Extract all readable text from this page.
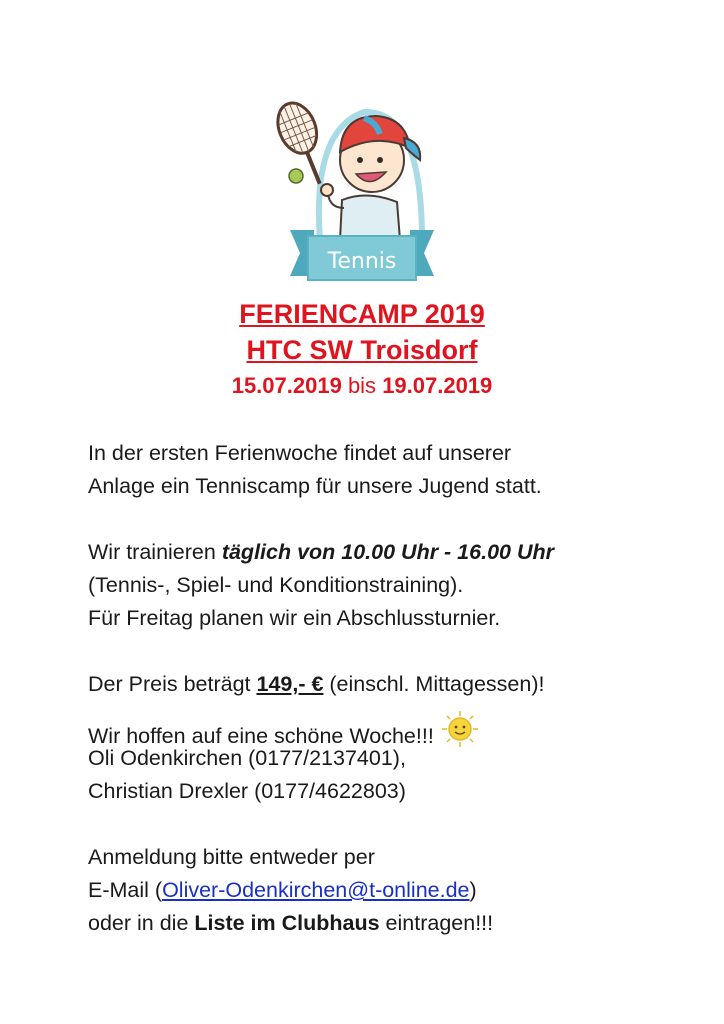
Tennis
FERIENCAMP 2019
HTC SW Troisdorf
15.07.2019 bis 19.07.2019
In der ersten Ferienwoche findet auf unserer
Anlage ein Tenniscamp für unsere Jugend statt.
Wir trainieren täglich von 10.00 Uhr - 16.00 Uhr
(Tennis-, Spiel- und Konditionstraining).
Für Freitag planen wir ein Abschlussturnier.
Der Preis beträgt 149,- € (einschl. Mittagessen)!
Wir hoffen auf eine schöne Woche!!!
Oli Odenkirchen (0177/2137401),
Christian Drexler (0177/4622803)
Anmeldung bitte entweder per
E-Mail (Oliver-Odenkirchen@t-online.de)
oder in die Liste im Clubhaus eintragen!!!
